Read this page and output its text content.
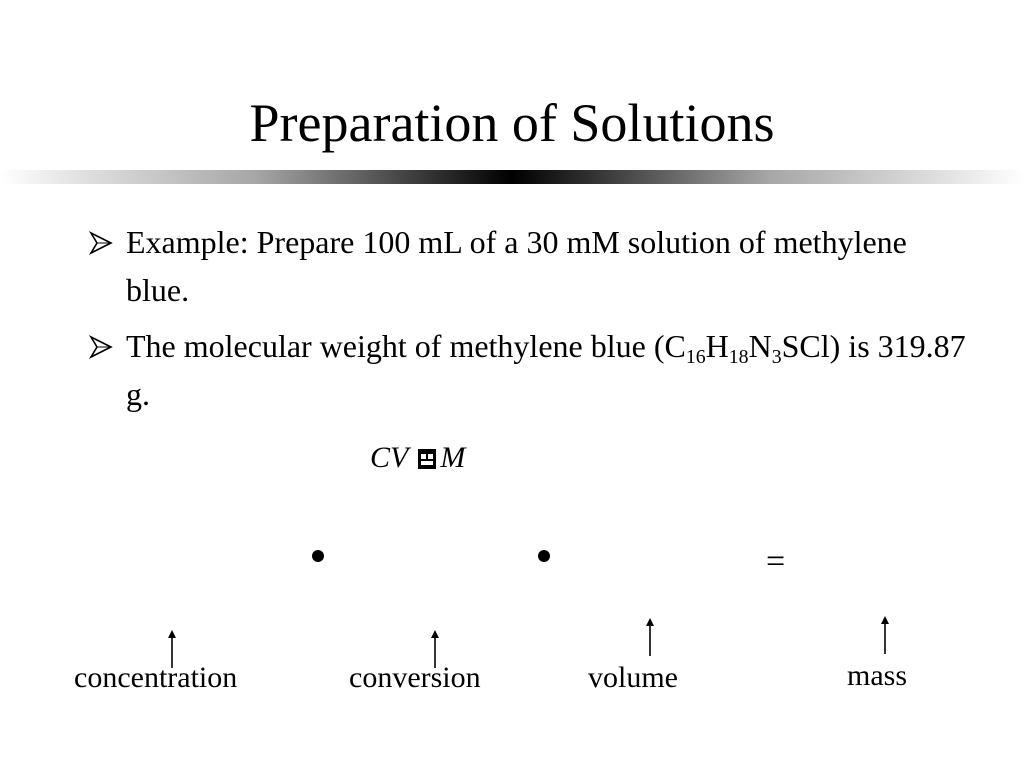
Preparation of Solutions
Example: Prepare 100 mL of a 30 mM solution of methylene blue.
The molecular weight of methylene blue $(C_{16}H_{18}N_3SCl)$ is 319.87 g.
CV M
=
concentration	conversion	volume	mass
